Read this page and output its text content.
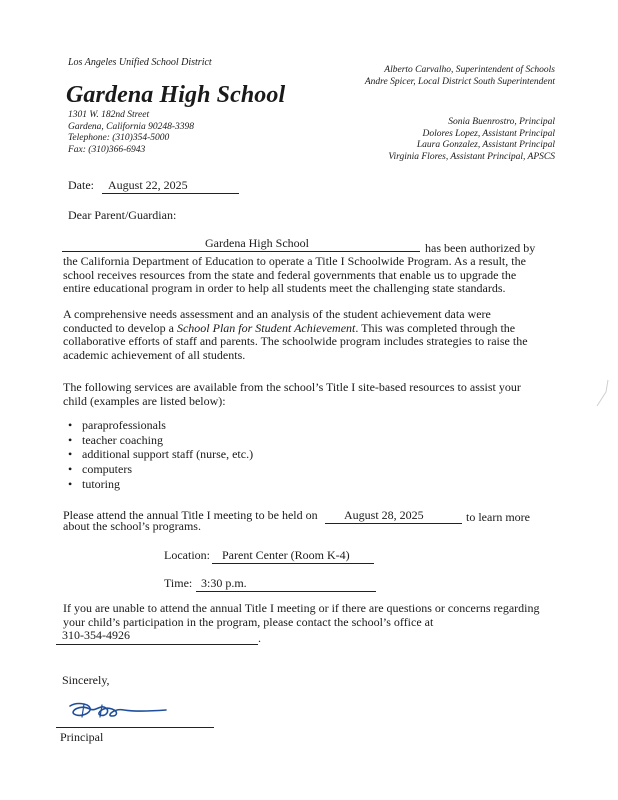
Los Angeles Unified School District
Gardena High School
1301 W. 182nd Street
Gardena, California 90248-3398
Telephone: (310)354-5000
Fax: (310)366-6943
Alberto Carvalho, Superintendent of Schools
Andre Spicer, Local District South Superintendent
Sonia Buenrostro, Principal
Dolores Lopez, Assistant Principal
Laura Gonzalez, Assistant Principal
Virginia Flores, Assistant Principal, APSCS
Date: August 22, 2025
Dear Parent/Guardian:
Gardena High School	has been authorized by
the California Department of Education to operate a Title I Schoolwide Program. As a result, the school receives resources from the state and federal governments that enable us to upgrade the entire educational program in order to help all students meet the challenging state standards.
A comprehensive needs assessment and an analysis of the student achievement data were conducted to develop a School Plan for Student Achievement. This was completed through the collaborative efforts of staff and parents. The schoolwide program includes strategies to raise the academic achievement of all students.
The following services are available from the school’s Title I site-based resources to assist your child (examples are listed below):
• paraprofessionals
• teacher coaching
• additional support staff (nurse, etc.)
• computers
• tutoring
Please attend the annual Title I meeting to be held on August 28, 2025	to learn more
about the school’s programs.
Location: Parent Center (Room K-4)
Time: 3:30 p.m.
If you are unable to attend the annual Title I meeting or if there are questions or concerns regarding your child’s participation in the program, please contact the school’s office at
310-354-4926	.
Sincerely,
Principal
